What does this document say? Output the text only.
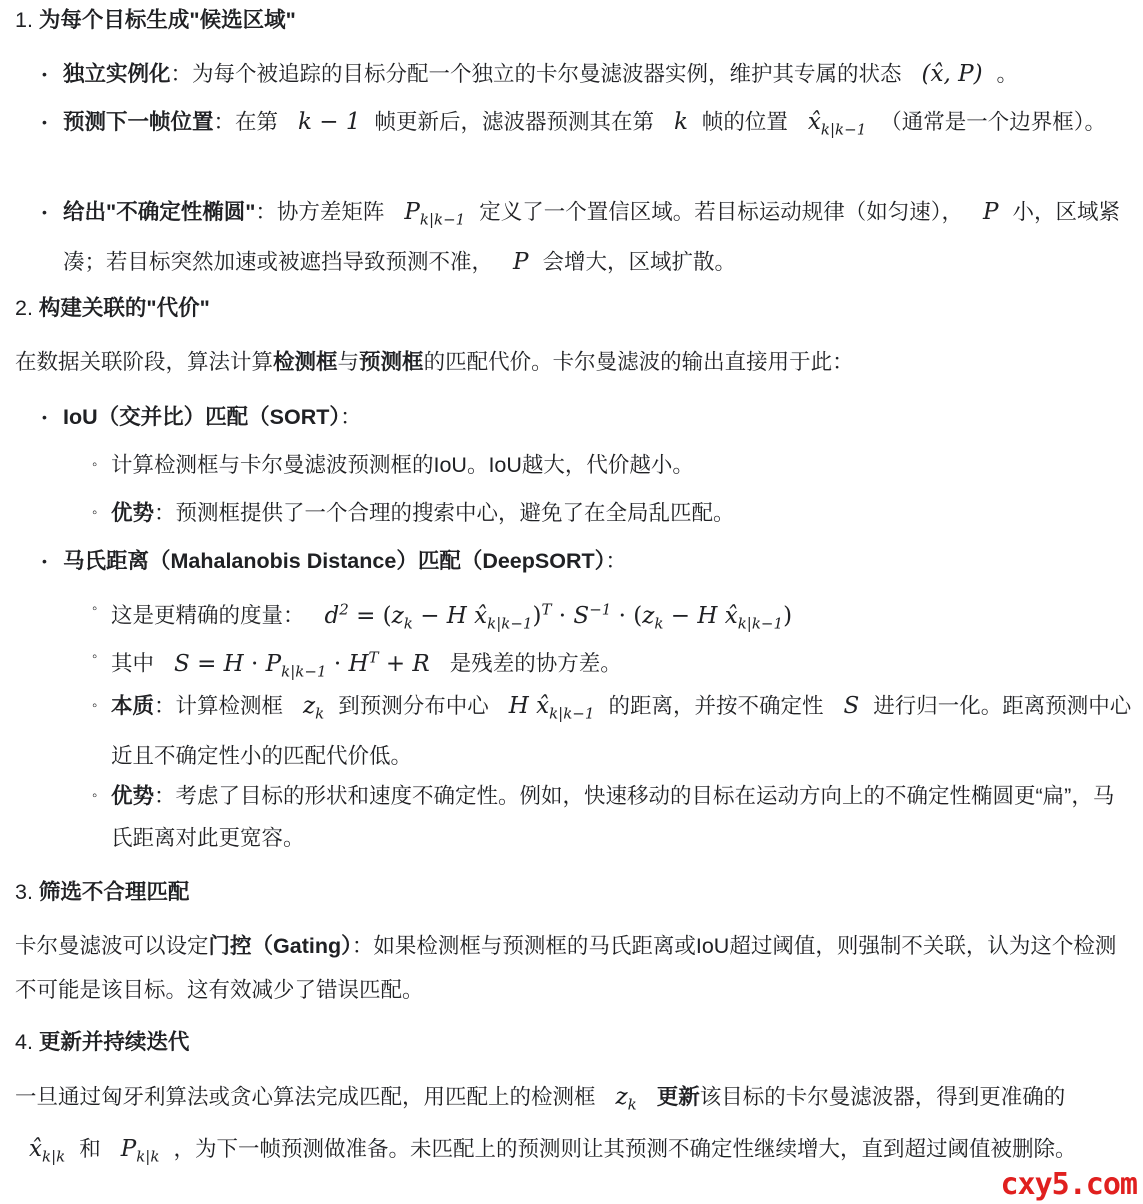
1. 为每个目标生成"候选区域"
• 独立实例化：为每个被追踪的目标分配一个独立的卡尔曼滤波器实例，维护其专属的状态 (x̂, P) 。
• 预测下一帧位置：在第 k − 1 帧更新后，滤波器预测其在第 k 帧的位置 $x̂_{k|k-1}$ （通常是一个边界框）。
• 给出"不确定性椭圆"：协方差矩阵 $P_{k|k-1}$ 定义了一个置信区域。若目标运动规律（如匀速）， P 小，区域紧凑；若目标突然加速或被遮挡导致预测不准， P 会增大，区域扩散。
2. 构建关联的"代价"
在数据关联阶段，算法计算检测框与预测框的匹配代价。卡尔曼滤波的输出直接用于此：
• IoU（交并比）匹配（SORT）：
◦ 计算检测框与卡尔曼滤波预测框的IoU。IoU越大，代价越小。
◦ 优势：预测框提供了一个合理的搜索中心，避免了在全局乱匹配。
• 马氏距离（Mahalanobis Distance）匹配（DeepSORT）：
◦ 这是更精确的度量： $d^2 = (z_k - H$ $x̂_{k|k-1})^T \cdot S^{-1} \cdot (z_k - H$ $x̂_{k|k-1}$)
◦ 其中 $S = H \cdot P_{k|k-1} \cdot H^T + R$ 是残差的协方差。
◦ 本质：计算检测框 $z_k$ 到预测分布中心 H $x̂_{k|k-1}$ 的距离，并按不确定性 S 进行归一化。距离预测中心近且不确定性小的匹配代价低。
◦ 优势：考虑了目标的形状和速度不确定性。例如，快速移动的目标在运动方向上的不确定性椭圆更“扁”，马氏距离对此更宽容。
3. 筛选不合理匹配
卡尔曼滤波可以设定门控（Gating）：如果检测框与预测框的马氏距离或IoU超过阈值，则强制不关联，认为这个检测不可能是该目标。这有效减少了错误匹配。
4. 更新并持续迭代
一旦通过匈牙利算法或贪心算法完成匹配，用匹配上的检测框 $z_k$ 更新该目标的卡尔曼滤波器，得到更准确的 $x̂_{k|k}$ 和 $P_{k|k}$ ，为下一帧预测做准备。未匹配上的预测则让其预测不确定性继续增大，直到超过阈值被删除。
cxy5.com
